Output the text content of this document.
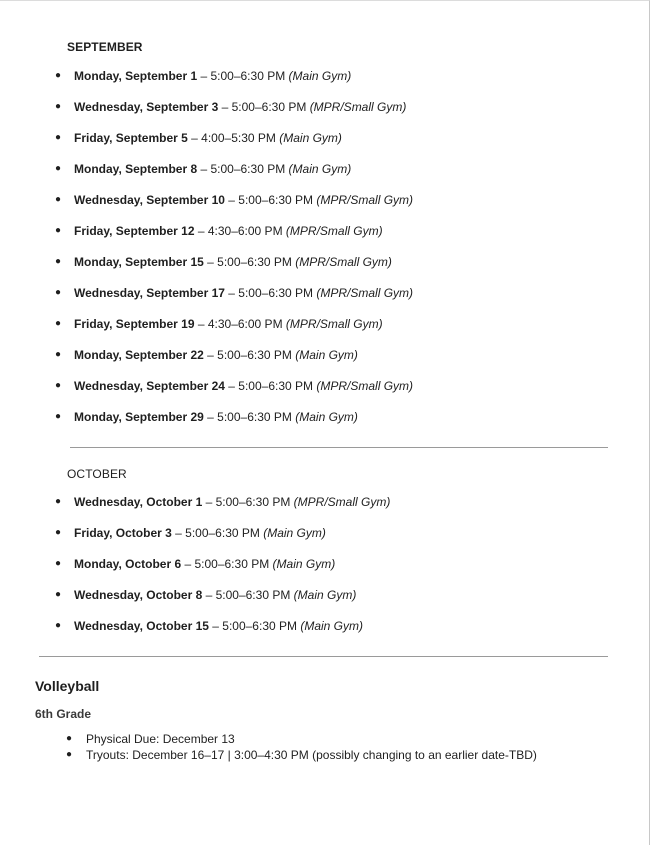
SEPTEMBER
● Monday, September 1 – 5:00–6:30 PM (Main Gym)
● Wednesday, September 3 – 5:00–6:30 PM (MPR/Small Gym)
● Friday, September 5 – 4:00–5:30 PM (Main Gym)
● Monday, September 8 – 5:00–6:30 PM (Main Gym)
● Wednesday, September 10 – 5:00–6:30 PM (MPR/Small Gym)
● Friday, September 12 – 4:30–6:00 PM (MPR/Small Gym)
● Monday, September 15 – 5:00–6:30 PM (MPR/Small Gym)
● Wednesday, September 17 – 5:00–6:30 PM (MPR/Small Gym)
● Friday, September 19 – 4:30–6:00 PM (MPR/Small Gym)
● Monday, September 22 – 5:00–6:30 PM (Main Gym)
● Wednesday, September 24 – 5:00–6:30 PM (MPR/Small Gym)
● Monday, September 29 – 5:00–6:30 PM (Main Gym)
OCTOBER
● Wednesday, October 1 – 5:00–6:30 PM (MPR/Small Gym)
● Friday, October 3 – 5:00–6:30 PM (Main Gym)
● Monday, October 6 – 5:00–6:30 PM (Main Gym)
● Wednesday, October 8 – 5:00–6:30 PM (Main Gym)
● Wednesday, October 15 – 5:00–6:30 PM (Main Gym)
Volleyball
6th Grade
● Physical Due: December 13
● Tryouts: December 16–17 | 3:00–4:30 PM (possibly changing to an earlier date-TBD)
